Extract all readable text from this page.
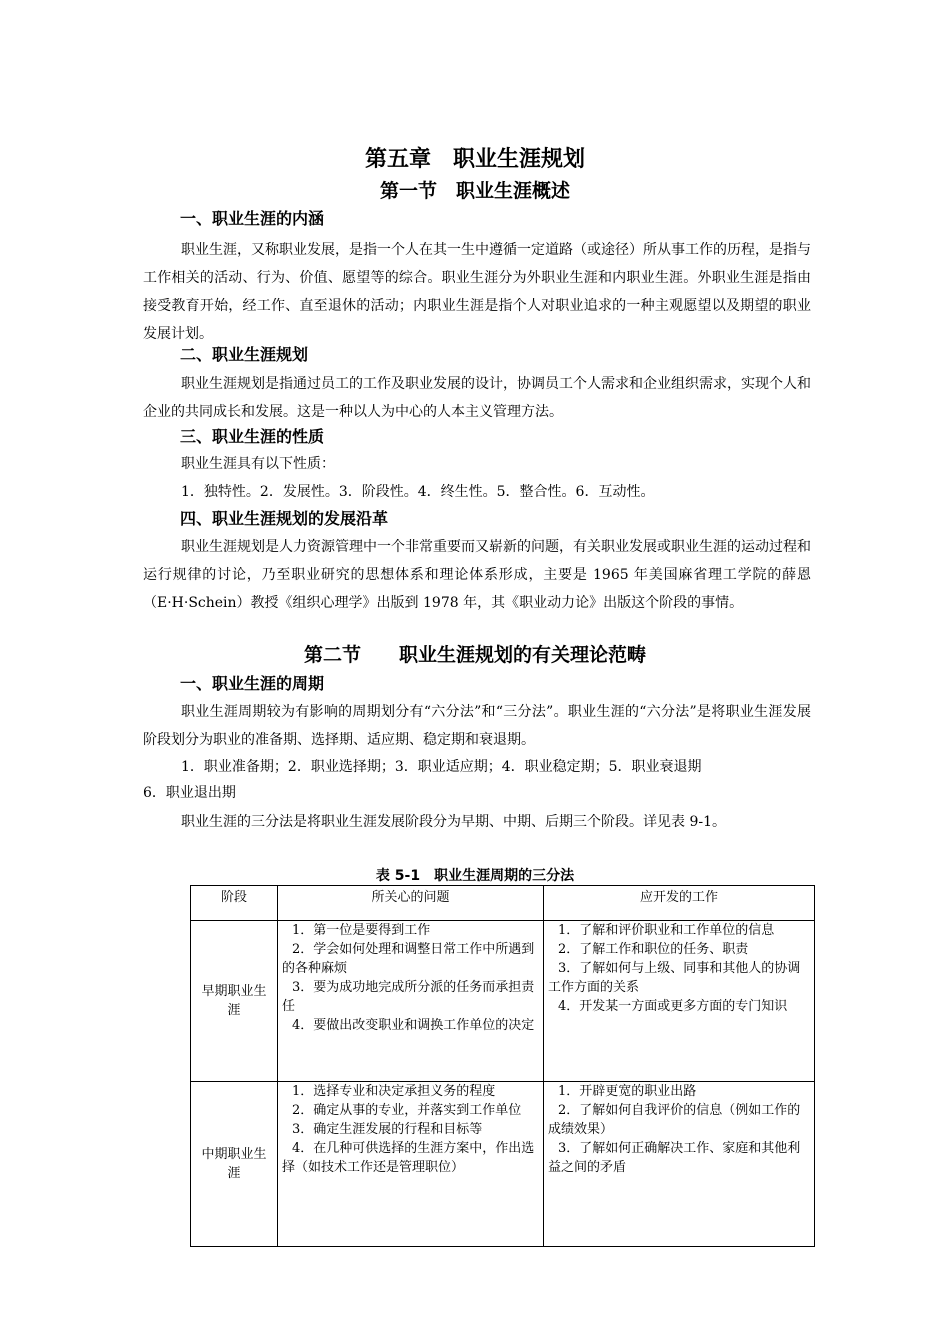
第五章　职业生涯规划
第一节　职业生涯概述
一、职业生涯的内涵

职业生涯，又称职业发展，是指一个人在其一生中遵循一定道路（或途径）所从事工作的历程，是指与工作相关的活动、行为、价值、愿望等的综合。职业生涯分为外职业生涯和内职业生涯。外职业生涯是指由接受教育开始，经工作、直至退休的活动；内职业生涯是指个人对职业追求的一种主观愿望以及期望的职业发展计划。

二、职业生涯规划

职业生涯规划是指通过员工的工作及职业发展的设计，协调员工个人需求和企业组织需求，实现个人和企业的共同成长和发展。这是一种以人为中心的人本主义管理方法。

三、职业生涯的性质
职业生涯具有以下性质：
1．独特性。2．发展性。3．阶段性。4．终生性。5．整合性。6．互动性。
四、职业生涯规划的发展沿革

职业生涯规划是人力资源管理中一个非常重要而又崭新的问题，有关职业发展或职业生涯的运动过程和运行规律的讨论，乃至职业研究的思想体系和理论体系形成，主要是 1965 年美国麻省理工学院的薛恩（E·H·Schein）教授《组织心理学》出版到 1978 年，其《职业动力论》出版这个阶段的事情。

第二节　　职业生涯规划的有关理论范畴
一、职业生涯的周期

职业生涯周期较为有影响的周期划分有“六分法”和“三分法”。职业生涯的“六分法”是将职业生涯发展阶段划分为职业的准备期、选择期、适应期、稳定期和衰退期。

1．职业准备期；2．职业选择期；3．职业适应期；4．职业稳定期；5．职业衰退期
6．职业退出期

职业生涯的三分法是将职业生涯发展阶段分为早期、中期、后期三个阶段。详见表 9-1。

表 5-1　职业生涯周期的三分法
阶段	所关心的问题	应开发的工作
早期职业生涯	1．第一位是要得到工作
2．学会如何处理和调整日常工作中所遇到的各种麻烦
3．要为成功地完成所分派的任务而承担责任
4．要做出改变职业和调换工作单位的决定	1．了解和评价职业和工作单位的信息
2．了解工作和职位的任务、职责
3．了解如何与上级、同事和其他人的协调工作方面的关系
4．开发某一方面或更多方面的专门知识

中期职业生涯	1．选择专业和决定承担义务的程度
2．确定从事的专业，并落实到工作单位
3．确定生涯发展的行程和目标等
4．在几种可供选择的生涯方案中，作出选择（如技术工作还是管理职位）	1．开辟更宽的职业出路
2．了解如何自我评价的信息（例如工作的成绩效果）
3．了解如何正确解决工作、家庭和其他利益之间的矛盾
